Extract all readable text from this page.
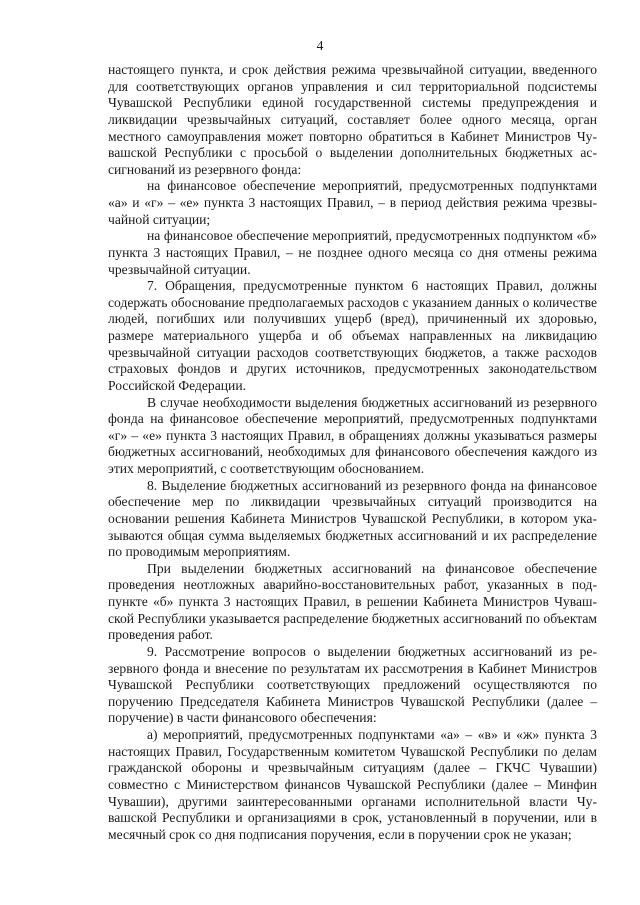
4

настоящего пункта, и срок действия режима чрезвычайной ситуации, введенного для соответствующих органов управления и сил территориальной подсистемы Чувашской Республики единой государственной системы предупреждения и ликвидации чрезвычайных ситуаций, составляет более одного месяца, орган местного самоуправления может повторно обратиться в Кабинет Министров Чувашской Республики с просьбой о выделении дополнительных бюджетных ассигнований из резервного фонда:

на финансовое обеспечение мероприятий, предусмотренных подпунктами «а» и «г» – «е» пункта 3 настоящих Правил, – в период действия режима чрезвычайной ситуации;

на финансовое обеспечение мероприятий, предусмотренных подпунктом «б» пункта 3 настоящих Правил, – не позднее одного месяца со дня отмены режима чрезвычайной ситуации.

7. Обращения, предусмотренные пунктом 6 настоящих Правил, должны содержать обоснование предполагаемых расходов с указанием данных о количестве людей, погибших или получивших ущерб (вред), причиненный их здоровью, размере материального ущерба и об объемах направленных на ликвидацию чрезвычайной ситуации расходов соответствующих бюджетов, а также расходов страховых фондов и других источников, предусмотренных законодательством Российской Федерации.

В случае необходимости выделения бюджетных ассигнований из резервного фонда на финансовое обеспечение мероприятий, предусмотренных подпунктами «г» – «е» пункта 3 настоящих Правил, в обращениях должны указываться размеры бюджетных ассигнований, необходимых для финансового обеспечения каждого из этих мероприятий, с соответствующим обоснованием.

8. Выделение бюджетных ассигнований из резервного фонда на финансовое обеспечение мер по ликвидации чрезвычайных ситуаций производится на основании решения Кабинета Министров Чувашской Республики, в котором указываются общая сумма выделяемых бюджетных ассигнований и их распределение по проводимым мероприятиям.

При выделении бюджетных ассигнований на финансовое обеспечение проведения неотложных аварийно-восстановительных работ, указанных в подпункте «б» пункта 3 настоящих Правил, в решении Кабинета Министров Чувашской Республики указывается распределение бюджетных ассигнований по объектам проведения работ.

9. Рассмотрение вопросов о выделении бюджетных ассигнований из резервного фонда и внесение по результатам их рассмотрения в Кабинет Министров Чувашской Республики соответствующих предложений осуществляются по поручению Председателя Кабинета Министров Чувашской Республики (далее – поручение) в части финансового обеспечения:

а) мероприятий, предусмотренных подпунктами «а» – «в» и «ж» пункта 3 настоящих Правил, Государственным комитетом Чувашской Республики по делам гражданской обороны и чрезвычайным ситуациям (далее – ГКЧС Чувашии) совместно с Министерством финансов Чувашской Республики (далее – Минфин Чувашии), другими заинтересованными органами исполнительной власти Чувашской Республики и организациями в срок, установленный в поручении, или в месячный срок со дня подписания поручения, если в поручении срок не указан;
